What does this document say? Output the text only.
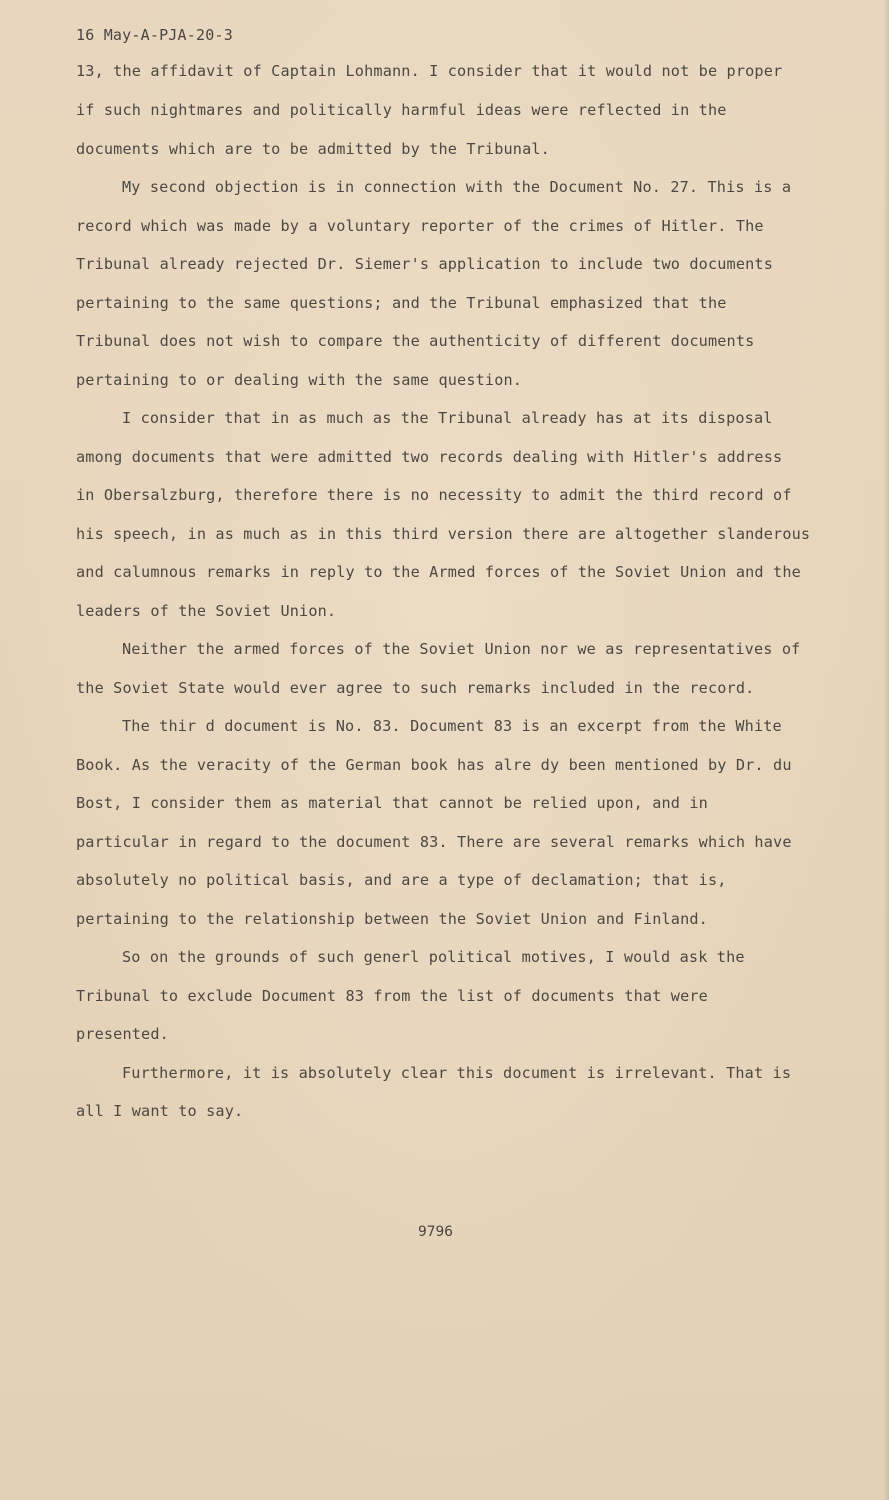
16 May-A-PJA-20-3
13, the affidavit of Captain Lohmann. I consider that it would not be proper
if such nightmares and politically harmful ideas were reflected in the
documents which are to be admitted by the Tribunal.
My second objection is in connection with the Document No. 27. This is a
record which was made by a voluntary reporter of the crimes of Hitler. The
Tribunal already rejected Dr. Siemer's application to include two documents
pertaining to the same questions; and the Tribunal emphasized that the
Tribunal does not wish to compare the authenticity of different documents
pertaining to or dealing with the same question.
I consider that in as much as the Tribunal already has at its disposal
among documents that were admitted two records dealing with Hitler's address
in Obersalzburg, therefore there is no necessity to admit the third record of
his speech, in as much as in this third version there are altogether slanderous
and calumnous remarks in reply to the Armed forces of the Soviet Union and the
leaders of the Soviet Union.
Neither the armed forces of the Soviet Union nor we as representatives of
the Soviet State would ever agree to such remarks included in the record.
The thir d document is No. 83. Document 83 is an excerpt from the White
Book. As the veracity of the German book has alre dy been mentioned by Dr. du
Bost, I consider them as material that cannot be relied upon, and in
particular in regard to the document 83. There are several remarks which have
absolutely no political basis, and are a type of declamation; that is,
pertaining to the relationship between the Soviet Union and Finland.
So on the grounds of such generl political motives, I would ask the
Tribunal to exclude Document 83 from the list of documents that were
presented.
Furthermore, it is absolutely clear this document is irrelevant. That is
all I want to say.
9796
